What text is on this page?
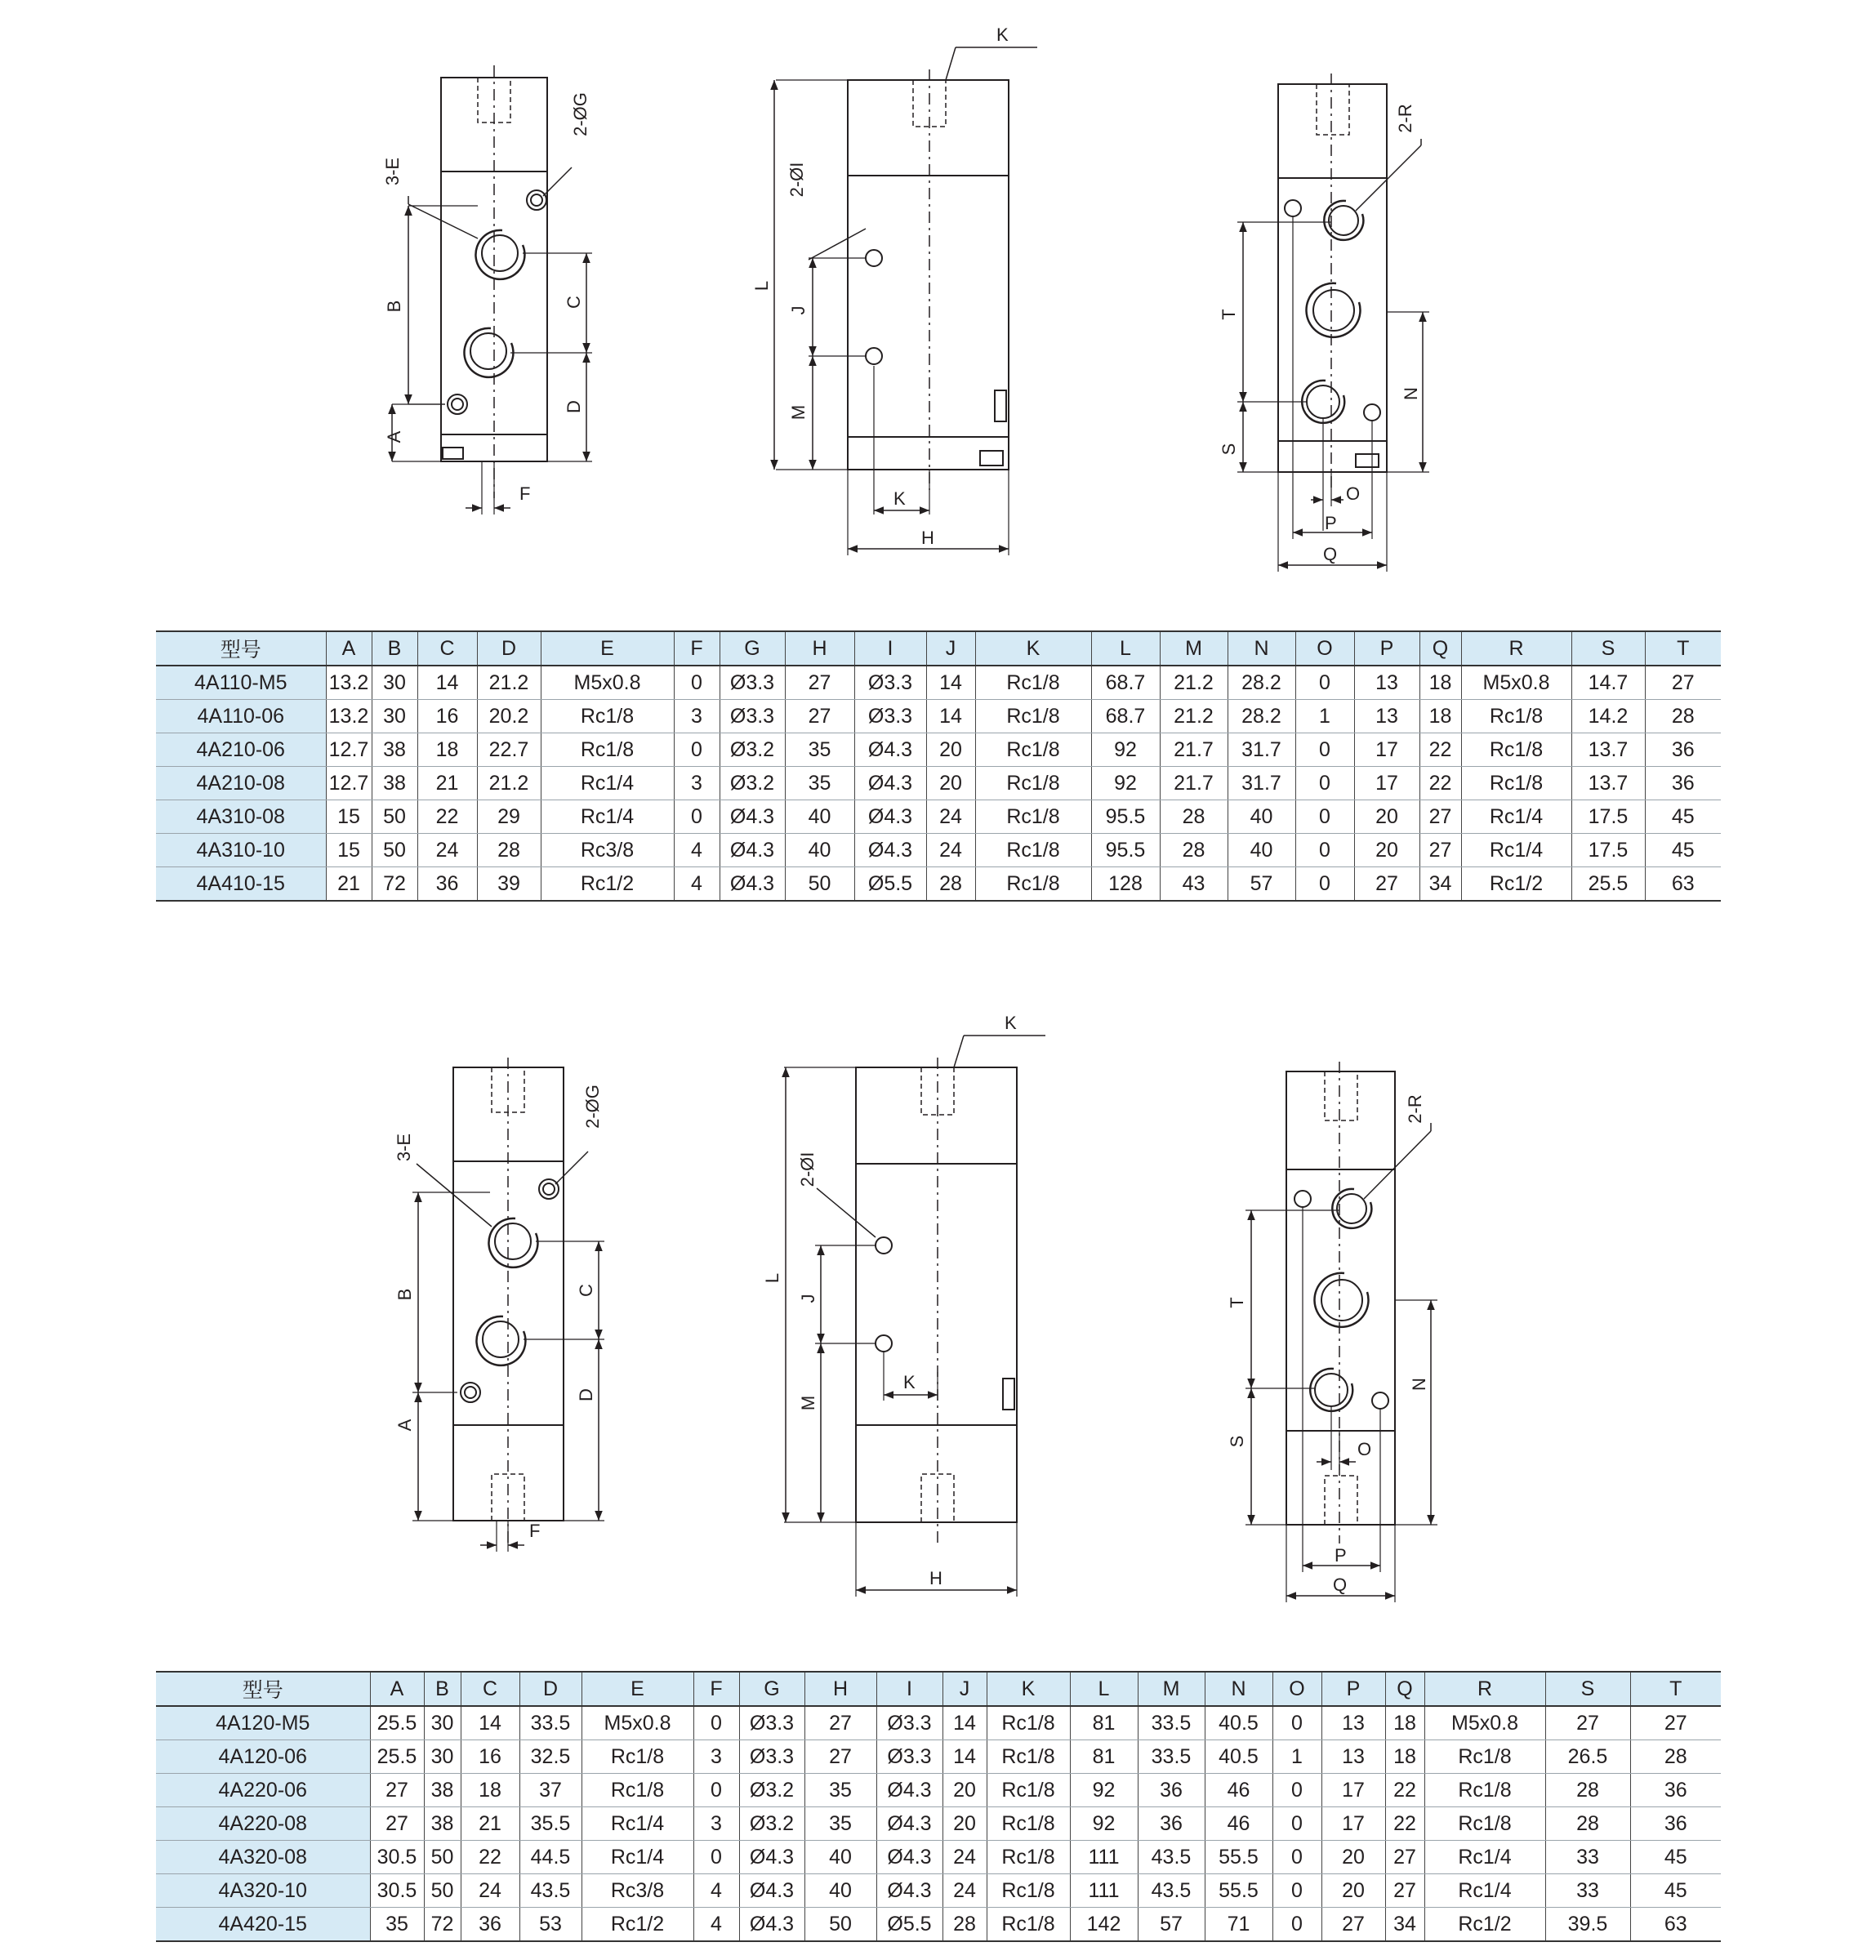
3-E
2-ØG
B	C
D
A
F
K
2-ØI
L
J
M
K
H
2-R
T
N
S
O
P
Q
型号	A	B	C	D	E	F	G	H	I	J	K	L	M	N	O	P	Q	R	S	T
4A110-M5	13.2	30	14	21.2	M5x0.8	0	Ø3.3	27	Ø3.3	14	Rc1/8	68.7	21.2	28.2	0	13	18	M5x0.8	14.7	27
4A110-06	13.2	30	16	20.2	Rc1/8	3	Ø3.3	27	Ø3.3	14	Rc1/8	68.7	21.2	28.2	1	13	18	Rc1/8	14.2	28
4A210-06	12.7	38	18	22.7	Rc1/8	0	Ø3.2	35	Ø4.3	20	Rc1/8	92	21.7	31.7	0	17	22	Rc1/8	13.7	36
4A210-08	12.7	38	21	21.2	Rc1/4	3	Ø3.2	35	Ø4.3	20	Rc1/8	92	21.7	31.7	0	17	22	Rc1/8	13.7	36
4A310-08	15	50	22	29	Rc1/4	0	Ø4.3	40	Ø4.3	24	Rc1/8	95.5	28	40	0	20	27	Rc1/4	17.5	45
4A310-10	15	50	24	28	Rc3/8	4	Ø4.3	40	Ø4.3	24	Rc1/8	95.5	28	40	0	20	27	Rc1/4	17.5	45
4A410-15	21	72	36	39	Rc1/2	4	Ø4.3	50	Ø5.5	28	Rc1/8	128	43	57	0	27	34	Rc1/2	25.5	63
3-E
2-ØG
B	C
D
A
F
K
2-ØI
L
J
M
K
H
2-R
T
N
S	O
P
Q
型号	A	B	C	D	E	F	G	H	I	J	K	L	M	N	O	P	Q	R	S	T
4A120-M5	25.5	30	14	33.5	M5x0.8	0	Ø3.3	27	Ø3.3	14	Rc1/8	81	33.5	40.5	0	13	18	M5x0.8	27	27
4A120-06	25.5	30	16	32.5	Rc1/8	3	Ø3.3	27	Ø3.3	14	Rc1/8	81	33.5	40.5	1	13	18	Rc1/8	26.5	28
4A220-06	27	38	18	37	Rc1/8	0	Ø3.2	35	Ø4.3	20	Rc1/8	92	36	46	0	17	22	Rc1/8	28	36
4A220-08	27	38	21	35.5	Rc1/4	3	Ø3.2	35	Ø4.3	20	Rc1/8	92	36	46	0	17	22	Rc1/8	28	36
4A320-08	30.5	50	22	44.5	Rc1/4	0	Ø4.3	40	Ø4.3	24	Rc1/8	111	43.5	55.5	0	20	27	Rc1/4	33	45
4A320-10	30.5	50	24	43.5	Rc3/8	4	Ø4.3	40	Ø4.3	24	Rc1/8	111	43.5	55.5	0	20	27	Rc1/4	33	45
4A420-15	35	72	36	53	Rc1/2	4	Ø4.3	50	Ø5.5	28	Rc1/8	142	57	71	0	27	34	Rc1/2	39.5	63
